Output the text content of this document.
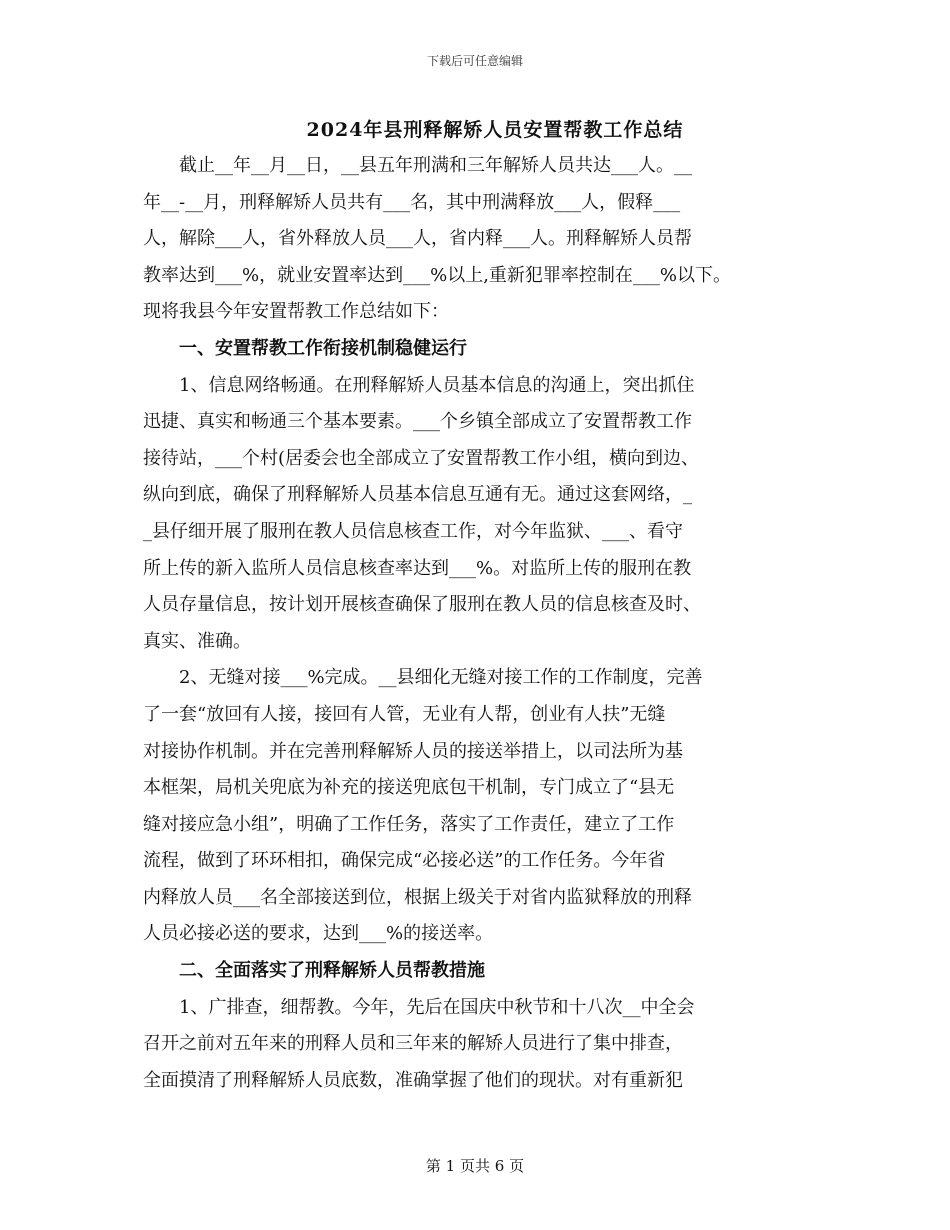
下载后可任意编辑
2024年县刑释解矫人员安置帮教工作总结
　　截止__年__月__日，__县五年刑满和三年解矫人员共达___人。__
年__-__月，刑释解矫人员共有___名，其中刑满释放___人，假释___
人，解除___人，省外释放人员___人，省内释___人。刑释解矫人员帮
教率达到___%，就业安置率达到___%以上,重新犯罪率控制在___%以下。
现将我县今年安置帮教工作总结如下：
　　一、安置帮教工作衔接机制稳健运行
　　1、信息网络畅通。在刑释解矫人员基本信息的沟通上，突出抓住
迅捷、真实和畅通三个基本要素。___个乡镇全部成立了安置帮教工作
接待站，___个村(居委会也全部成立了安置帮教工作小组，横向到边、
纵向到底，确保了刑释解矫人员基本信息互通有无。通过这套网络，_
_县仔细开展了服刑在教人员信息核查工作，对今年监狱、___、看守
所上传的新入监所人员信息核查率达到___%。对监所上传的服刑在教
人员存量信息，按计划开展核查确保了服刑在教人员的信息核查及时、
真实、准确。
　　2、无缝对接___%完成。__县细化无缝对接工作的工作制度，完善
了一套“放回有人接，接回有人管，无业有人帮，创业有人扶”无缝
对接协作机制。并在完善刑释解矫人员的接送举措上，以司法所为基
本框架，局机关兜底为补充的接送兜底包干机制，专门成立了“县无
缝对接应急小组”，明确了工作任务，落实了工作责任，建立了工作
流程，做到了环环相扣，确保完成“必接必送”的工作任务。今年省
内释放人员___名全部接送到位，根据上级关于对省内监狱释放的刑释
人员必接必送的要求，达到___%的接送率。
　　二、全面落实了刑释解矫人员帮教措施
　　1、广排查，细帮教。今年，先后在国庆中秋节和十八次__中全会
召开之前对五年来的刑释人员和三年来的解矫人员进行了集中排查，
全面摸清了刑释解矫人员底数，准确掌握了他们的现状。对有重新犯
第 1 页共 6 页
